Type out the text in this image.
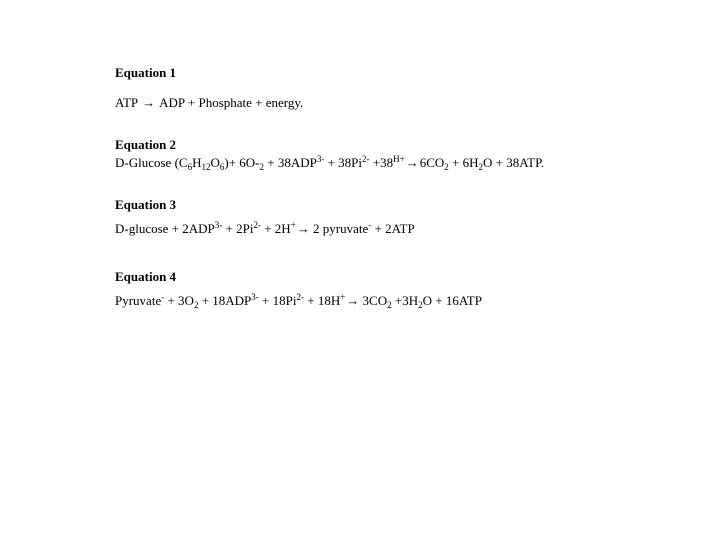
Equation 1
ATP → ADP + Phosphate + energy.
Equation 2
D-Glucose $(C_6H_{12}O_6)+ 6O-_2 + 38ADP^{3-} + 38Pi^{2-} +38^{H+}\to 6CO_2 + 6H_2O + 38ATP$.
Equation 3
$D-glucose + 2ADP^{3-} + 2Pi^{2-} + 2H^+\to 2$ pyruvate- + 2ATP
Equation 4
Pyruvate- + $3O_2 + 18ADP^{3-} + 18Pi^{2-} + 18H^+\to 3CO_2 +3H_2O + 16ATP$
